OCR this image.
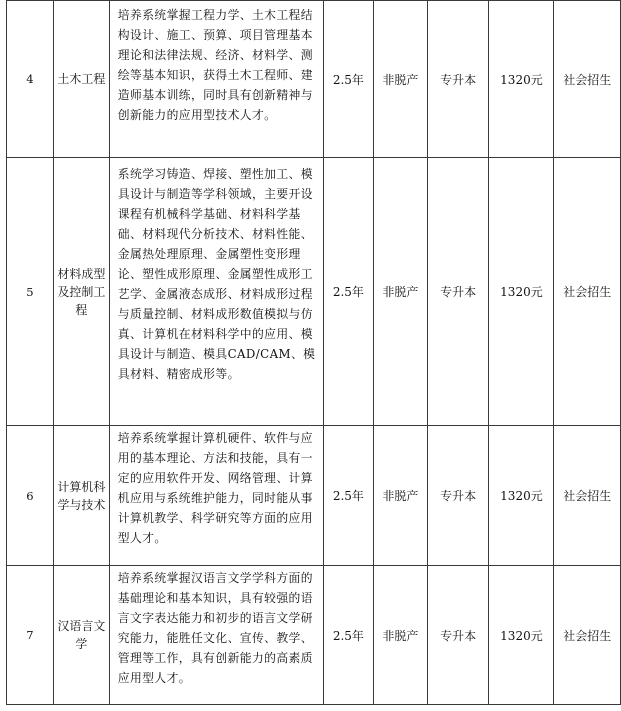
4	土木工程	培养系统掌握工程力学、土木工程结构设计、施工、预算、项目管理基本理论和法律法规、经济、材料学、测绘等基本知识，获得土木工程师、建造师基本训练，同时具有创新精神与创新能力的应用型技术人才。	2.5年	非脱产	专升本	1320元	社会招生
5	材料成型及控制工程	系统学习铸造、焊接、塑性加工、模具设计与制造等学科领域，主要开设课程有机械科学基础、材料科学基础、材料现代分析技术、材料性能、金属热处理原理、金属塑性变形理论、塑性成形原理、金属塑性成形工艺学、金属液态成形、材料成形过程与质量控制、材料成形数值模拟与仿真、计算机在材料科学中的应用、模具设计与制造、模具CAD/CAM、模具材料、精密成形等。	2.5年	非脱产	专升本	1320元	社会招生
6	计算机科学与技术	培养系统掌握计算机硬件、软件与应用的基本理论、方法和技能，具有一定的应用软件开发、网络管理、计算机应用与系统维护能力，同时能从事计算机教学、科学研究等方面的应用型人才。	2.5年	非脱产	专升本	1320元	社会招生
7	汉语言文学	培养系统掌握汉语言文学学科方面的基础理论和基本知识，具有较强的语言文字表达能力和初步的语言文学研究能力，能胜任文化、宣传、教学、管理等工作，具有创新能力的高素质应用型人才。	2.5年	非脱产	专升本	1320元	社会招生
